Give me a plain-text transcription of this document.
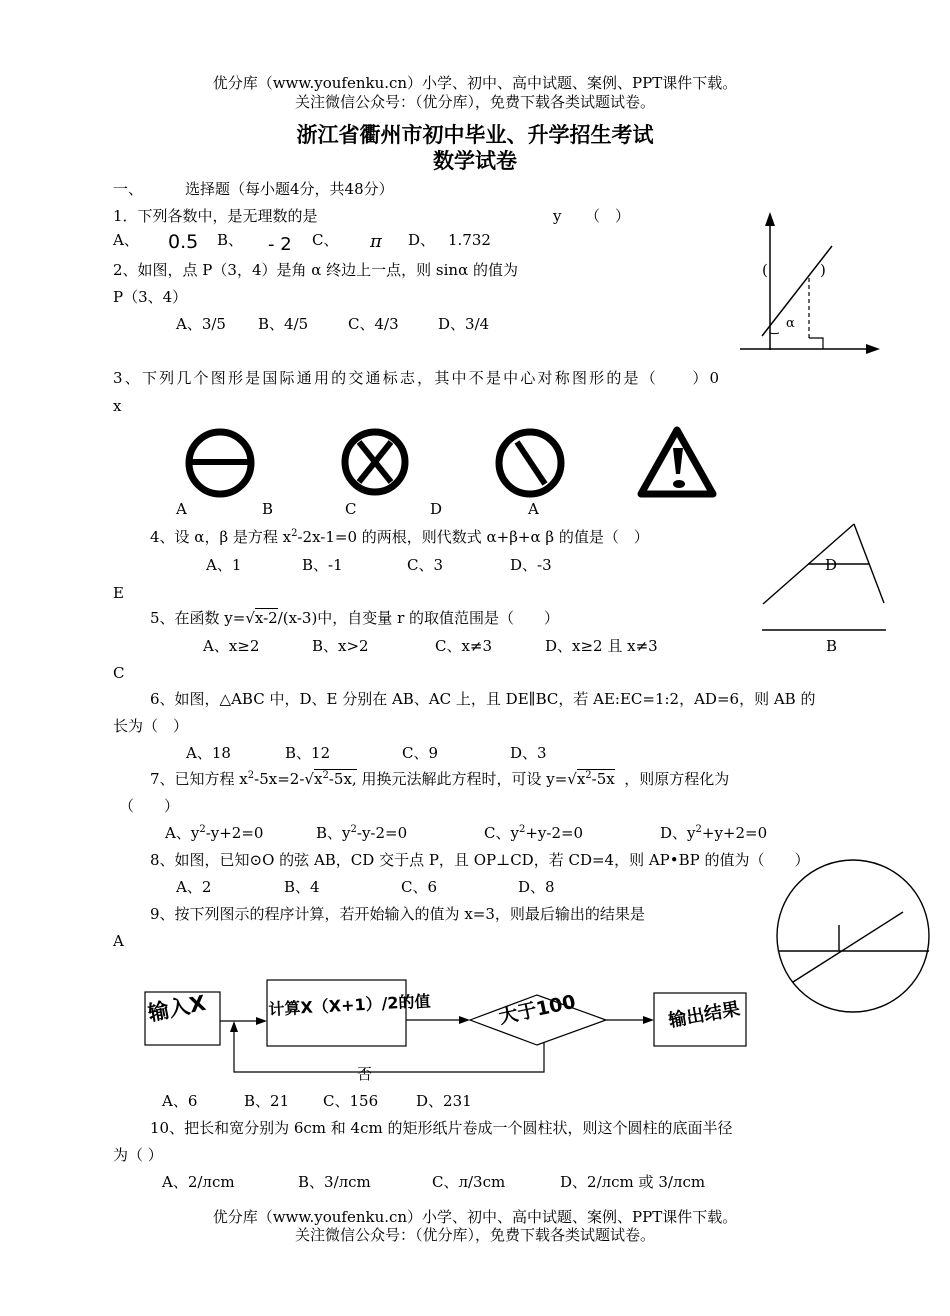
优分库（www.youfenku.cn）小学、初中、高中试题、案例、PPT课件下载。
关注微信公众号：（优分库），免费下载各类试题试卷。
浙江省衢州市初中毕业、升学招生考试
数学试卷
一、	选择题（每小题4分，共48分）
1．下列各数中，是无理数的是	y （　）
A、 0.5 B、 - 2 C、 π D、 1.732
2、如图，点 P（3，4）是角 α 终边上一点，则 sinα 的值为
P（3、4）
A、3/5 B、4/5	C、4/3	D、3/4
(	)
α
3、下列几个图形是国际通用的交通标志，其中不是中心对称图形的是（　　）0
x
A	B	C	D	A
4、设 α，β 是方程 $x^2-2x-1=0$ 的两根，则代数式 α+β+α β 的值是（　）
A、1	B、-1	C、3	D、-3
E
D
B
5、在函数 y=√x-2/(x-3)中，自变量 r 的取值范围是（　　）
A、x≥2	B、x>2	C、x≠3	D、x≥2 且 x≠3
C
6、如图，△ABC 中，D、E 分别在 AB、AC 上，且 DE∥BC，若 AE:EC=1:2，AD=6，则 AB 的
长为（　）
A、18	B、12	C、9	D、3
7、已知方程 $x^2-5x=2-√x^2-5x$, 用换元法解此方程时，可设 $y=√x^2-5x$ ，则原方程化为
（　　）
A、$y^2-y+2=0$	B、$y^2-y-2=0$	C、$y^2+y-2=0$	D、$y^2+y+2=0$
8、如图，已知⊙O 的弦 AB，CD 交于点 P，且 OP⊥CD，若 CD=4，则 AP•BP 的值为（　　）
A、2	B、4	C、6	D、8
9、按下列图示的程序计算，若开始输入的值为 x=3，则最后输出的结果是
A
输入X	计算X（X+1）/2的值	大于100	输出结果
否
A、6	B、21 C、156	D、231
10、把长和宽分别为 6cm 和 4cm 的矩形纸片卷成一个圆柱状，则这个圆柱的底面半径
为（ ）
A、2/лcm	B、3/лcm	C、л/3cm	D、2/лcm 或 3/лcm
优分库（www.youfenku.cn）小学、初中、高中试题、案例、PPT课件下载。
关注微信公众号：（优分库），免费下载各类试题试卷。
